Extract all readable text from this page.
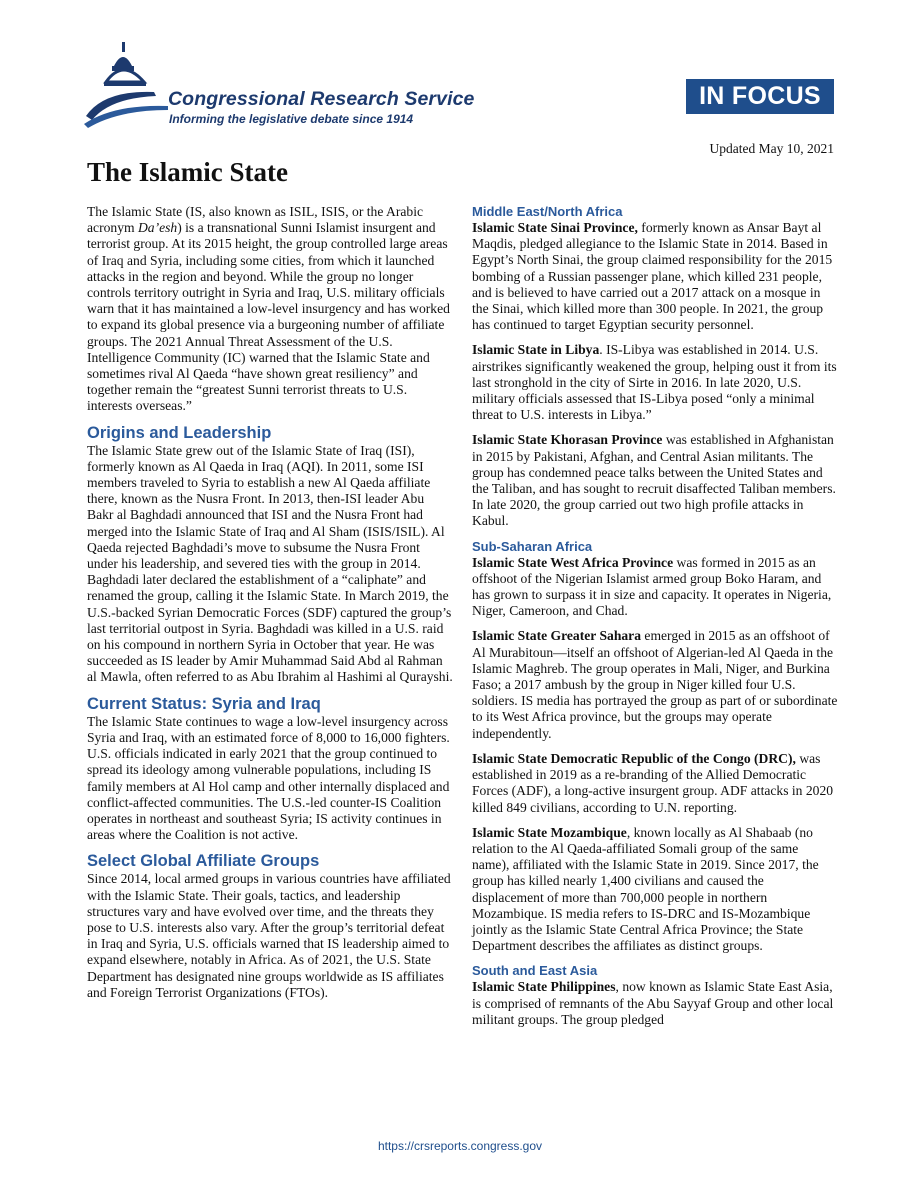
Congressional Research Service
Informing the legislative debate since 1914
IN FOCUS
Updated May 10, 2021
The Islamic State

The Islamic State (IS, also known as ISIL, ISIS, or the Arabic acronym Da’esh) is a transnational Sunni Islamist insurgent and terrorist group. At its 2015 height, the group controlled large areas of Iraq and Syria, including some cities, from which it launched attacks in the region and beyond. While the group no longer controls territory outright in Syria and Iraq, U.S. military officials warn that it has maintained a low-level insurgency and has worked to expand its global presence via a burgeoning number of affiliate groups. The 2021 Annual Threat Assessment of the U.S. Intelligence Community (IC) warned that the Islamic State and sometimes rival Al Qaeda “have shown great resiliency” and together remain the “greatest Sunni terrorist threats to U.S. interests overseas.”

Origins and Leadership

The Islamic State grew out of the Islamic State of Iraq (ISI), formerly known as Al Qaeda in Iraq (AQI). In 2011, some ISI members traveled to Syria to establish a new Al Qaeda affiliate there, known as the Nusra Front. In 2013, then-ISI leader Abu Bakr al Baghdadi announced that ISI and the Nusra Front had merged into the Islamic State of Iraq and Al Sham (ISIS/ISIL). Al Qaeda rejected Baghdadi’s move to subsume the Nusra Front under his leadership, and severed ties with the group in 2014. Baghdadi later declared the establishment of a “caliphate” and renamed the group, calling it the Islamic State. In March 2019, the U.S.-backed Syrian Democratic Forces (SDF) captured the group’s last territorial outpost in Syria. Baghdadi was killed in a U.S. raid on his compound in northern Syria in October that year. He was succeeded as IS leader by Amir Muhammad Said Abd al Rahman al Mawla, often referred to as Abu Ibrahim al Hashimi al Qurayshi.

Current Status: Syria and Iraq

The Islamic State continues to wage a low-level insurgency across Syria and Iraq, with an estimated force of 8,000 to 16,000 fighters. U.S. officials indicated in early 2021 that the group continued to spread its ideology among vulnerable populations, including IS family members at Al Hol camp and other internally displaced and conflict-affected communities. The U.S.-led counter-IS Coalition operates in northeast and southeast Syria; IS activity continues in areas where the Coalition is not active.

Select Global Affiliate Groups

Since 2014, local armed groups in various countries have affiliated with the Islamic State. Their goals, tactics, and leadership structures vary and have evolved over time, and the threats they pose to U.S. interests also vary. After the group’s territorial defeat in Iraq and Syria, U.S. officials warned that IS leadership aimed to expand elsewhere, notably in Africa. As of 2021, the U.S. State Department has designated nine groups worldwide as IS affiliates and Foreign Terrorist Organizations (FTOs).

Middle East/North Africa

Islamic State Sinai Province, formerly known as Ansar Bayt al Maqdis, pledged allegiance to the Islamic State in 2014. Based in Egypt’s North Sinai, the group claimed responsibility for the 2015 bombing of a Russian passenger plane, which killed 231 people, and is believed to have carried out a 2017 attack on a mosque in the Sinai, which killed more than 300 people. In 2021, the group has continued to target Egyptian security personnel.

Islamic State in Libya. IS-Libya was established in 2014. U.S. airstrikes significantly weakened the group, helping oust it from its last stronghold in the city of Sirte in 2016. In late 2020, U.S. military officials assessed that IS-Libya posed “only a minimal threat to U.S. interests in Libya.”

Islamic State Khorasan Province was established in Afghanistan in 2015 by Pakistani, Afghan, and Central Asian militants. The group has condemned peace talks between the United States and the Taliban, and has sought to recruit disaffected Taliban members. In late 2020, the group carried out two high profile attacks in Kabul.

Sub-Saharan Africa

Islamic State West Africa Province was formed in 2015 as an offshoot of the Nigerian Islamist armed group Boko Haram, and has grown to surpass it in size and capacity. It operates in Nigeria, Niger, Cameroon, and Chad.

Islamic State Greater Sahara emerged in 2015 as an offshoot of Al Murabitoun—itself an offshoot of Algerian-led Al Qaeda in the Islamic Maghreb. The group operates in Mali, Niger, and Burkina Faso; a 2017 ambush by the group in Niger killed four U.S. soldiers. IS media has portrayed the group as part of or subordinate to its West Africa province, but the groups may operate independently.

Islamic State Democratic Republic of the Congo (DRC), was established in 2019 as a re-branding of the Allied Democratic Forces (ADF), a long-active insurgent group. ADF attacks in 2020 killed 849 civilians, according to U.N. reporting.

Islamic State Mozambique, known locally as Al Shabaab (no relation to the Al Qaeda-affiliated Somali group of the same name), affiliated with the Islamic State in 2019. Since 2017, the group has killed nearly 1,400 civilians and caused the displacement of more than 700,000 people in northern Mozambique. IS media refers to IS-DRC and IS-Mozambique jointly as the Islamic State Central Africa Province; the State Department describes the affiliates as distinct groups.

South and East Asia

Islamic State Philippines, now known as Islamic State East Asia, is comprised of remnants of the Abu Sayyaf Group and other local militant groups. The group pledged

https://crsreports.congress.gov
